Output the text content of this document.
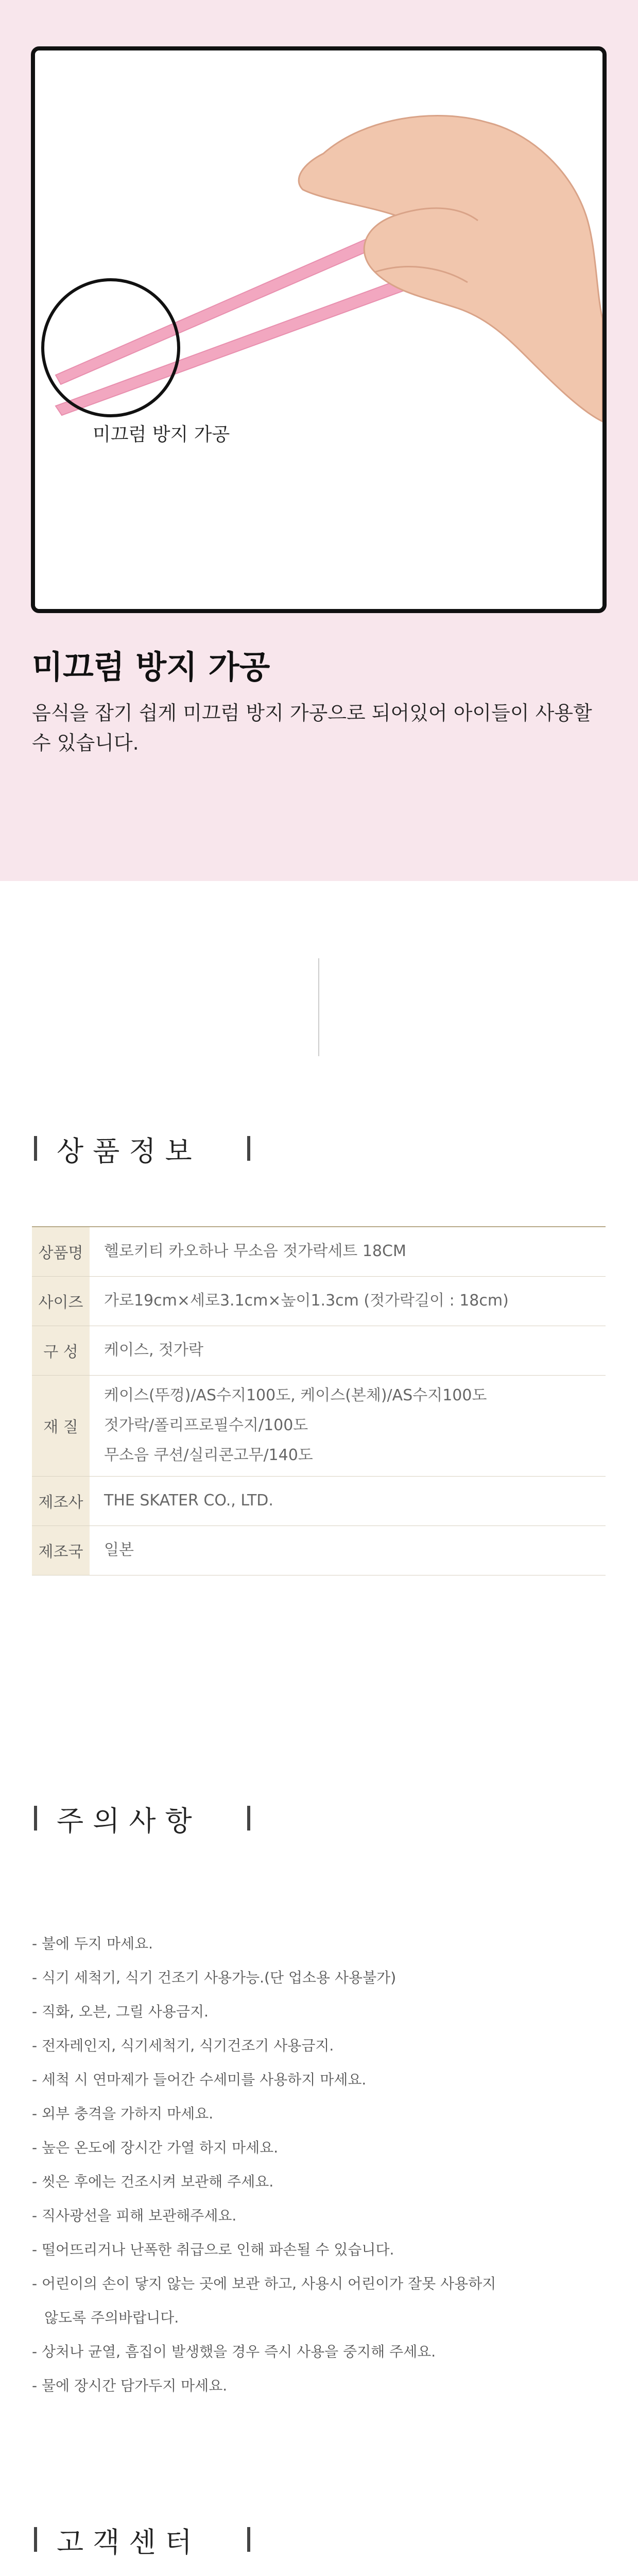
미끄럼 방지 가공
미끄럼 방지 가공
음식을 잡기 쉽게 미끄럼 방지 가공으로 되어있어 아이들이 사용할 수 있습니다.
상품정보
상품명	헬로키티 카오하나 무소음 젓가락세트 18CM
사이즈	가로19cm×세로3.1cm×높이1.3cm (젓가락길이 : 18cm)
구 성	케이스, 젓가락
재 질	케이스(뚜껑)/AS수지100도, 케이스(본체)/AS수지100도
젓가락/폴리프로필수지/100도
무소음 쿠션/실리콘고무/140도

제조사	THE SKATER CO., LTD.
제조국	일본
주의사항
- 불에 두지 마세요.
- 식기 세척기, 식기 건조기 사용가능.(단 업소용 사용불가)
- 직화, 오븐, 그릴 사용금지.
- 전자레인지, 식기세척기, 식기건조기 사용금지.
- 세척 시 연마제가 들어간 수세미를 사용하지 마세요.
- 외부 충격을 가하지 마세요.
- 높은 온도에 장시간 가열 하지 마세요.
- 씻은 후에는 건조시켜 보관해 주세요.
- 직사광선을 피해 보관해주세요.
- 떨어뜨리거나 난폭한 취급으로 인해 파손될 수 있습니다.
- 어린이의 손이 닿지 않는 곳에 보관 하고, 사용시 어린이가 잘못 사용하지
않도록 주의바랍니다.
- 상처나 균열, 흠집이 발생했을 경우 즉시 사용을 중지해 주세요.
- 물에 장시간 담가두지 마세요.
고객센터
